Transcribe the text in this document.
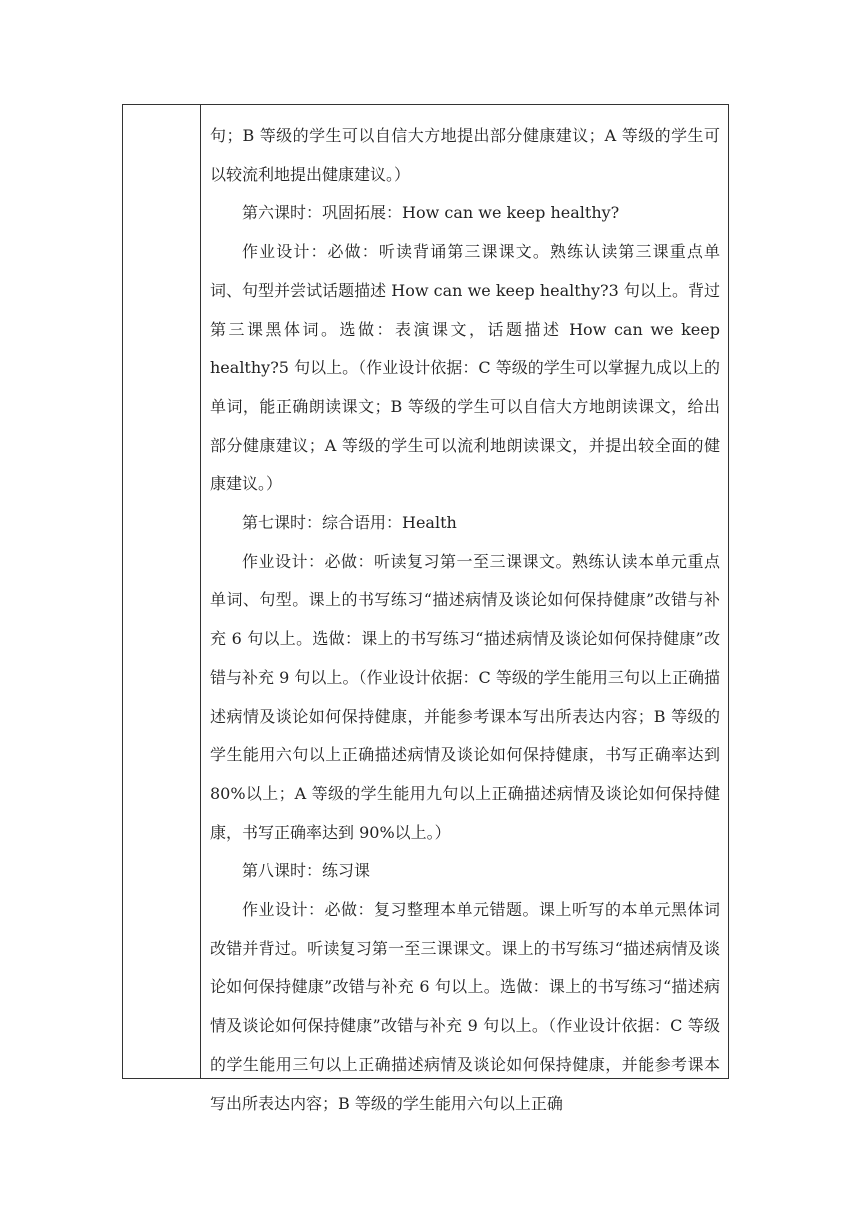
句；B 等级的学生可以自信大方地提出部分健康建议；A 等级的学生可以较流利地提出健康建议。）

第六课时：巩固拓展：How can we keep healthy?

作业设计：必做：听读背诵第三课课文。熟练认读第三课重点单词、句型并尝试话题描述 How can we keep healthy?3 句以上。背过第三课黑体词。选做：表演课文，话题描述 How can we keep healthy?5 句以上。（作业设计依据：C 等级的学生可以掌握九成以上的单词，能正确朗读课文；B 等级的学生可以自信大方地朗读课文，给出部分健康建议；A 等级的学生可以流利地朗读课文，并提出较全面的健康建议。）

第七课时：综合语用：Health

作业设计：必做：听读复习第一至三课课文。熟练认读本单元重点单词、句型。课上的书写练习“描述病情及谈论如何保持健康”改错与补充 6 句以上。选做：课上的书写练习“描述病情及谈论如何保持健康”改错与补充 9 句以上。（作业设计依据：C 等级的学生能用三句以上正确描述病情及谈论如何保持健康，并能参考课本写出所表达内容；B 等级的学生能用六句以上正确描述病情及谈论如何保持健康，书写正确率达到 80%以上；A 等级的学生能用九句以上正确描述病情及谈论如何保持健康，书写正确率达到 90%以上。）

第八课时：练习课

作业设计：必做：复习整理本单元错题。课上听写的本单元黑体词改错并背过。听读复习第一至三课课文。课上的书写练习“描述病情及谈论如何保持健康”改错与补充 6 句以上。选做：课上的书写练习“描述病情及谈论如何保持健康”改错与补充 9 句以上。（作业设计依据：C 等级的学生能用三句以上正确描述病情及谈论如何保持健康，并能参考课本写出所表达内容；B 等级的学生能用六句以上正确
